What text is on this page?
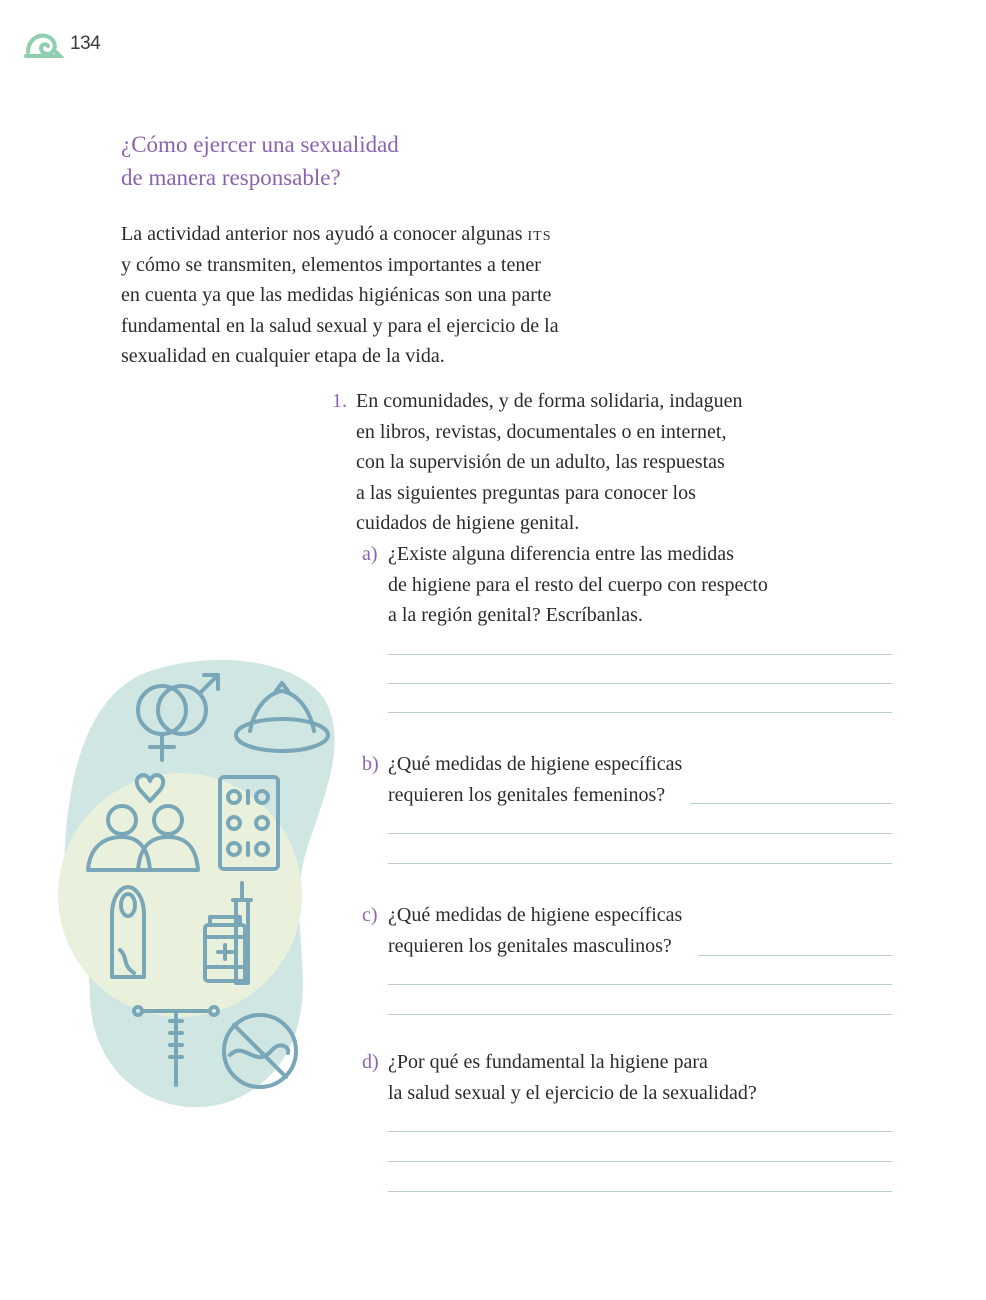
134
¿Cómo ejercer una sexualidad
de manera responsable?
La actividad anterior nos ayudó a conocer algunas its
y cómo se transmiten, elementos importantes a tener
en cuenta ya que las medidas higiénicas son una parte
fundamental en la salud sexual y para el ejercicio de la
sexualidad en cualquier etapa de la vida.
1. En comunidades, y de forma solidaria, indaguen
en libros, revistas, documentales o en internet,
con la supervisión de un adulto, las respuestas
a las siguientes preguntas para conocer los
cuidados de higiene genital.
a) ¿Existe alguna diferencia entre las medidas
de higiene para el resto del cuerpo con respecto
a la región genital? Escríbanlas.
b) ¿Qué medidas de higiene específicas
requieren los genitales femeninos?
c) ¿Qué medidas de higiene específicas
requieren los genitales masculinos?
d) ¿Por qué es fundamental la higiene para
la salud sexual y el ejercicio de la sexualidad?
